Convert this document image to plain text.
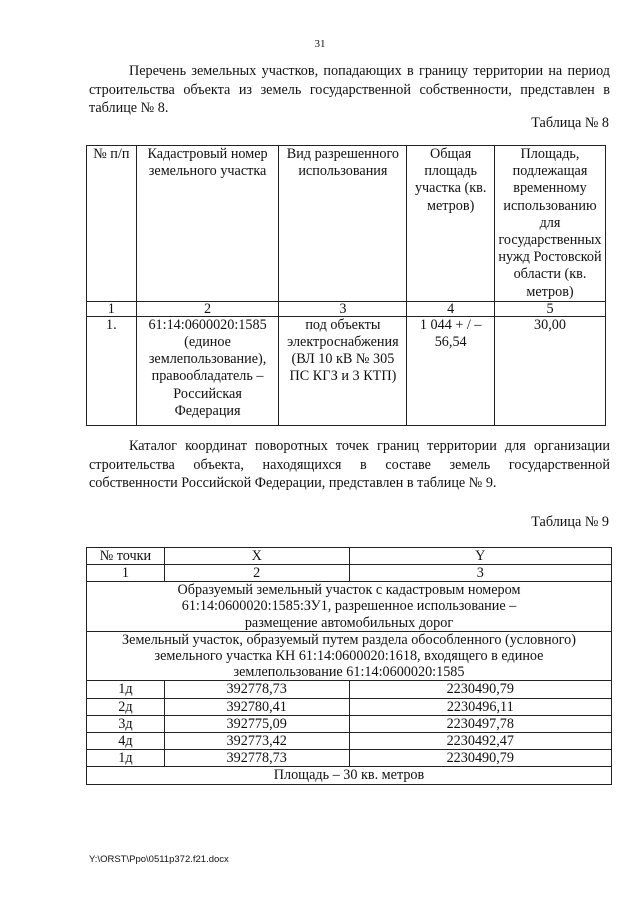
31
Перечень земельных участков, попадающих в границу территории на период строительства объекта из земель государственной собственности, представлен в таблице № 8.
Таблица № 8
№ п/п	Кадастровый номер земельного участка	Вид разрешенного использования	Общая площадь участка (кв. метров)	Площадь, подлежащая временному использованию для государственных нужд Ростовской области (кв. метров)
1	2	3	4	5
1.	61:14:0600020:1585 (единое землепользование), правообладатель – Российская Федерация	под объекты электроснабжения (ВЛ 10 кВ № 305 ПС КГЗ и 3 КТП)	1 044 + / – 56,54	30,00
Каталог координат поворотных точек границ территории для организации строительства объекта, находящихся в составе земель государственной собственности Российской Федерации, представлен в таблице № 9.
Таблица № 9
№ точки	X	Y
1	2	3
Образуемый земельный участок с кадастровым номером 61:14:0600020:1585:ЗУ1, разрешенное использование – размещение автомобильных дорог		
Земельный участок, образуемый путем раздела обособленного (условного) земельного участка КН 61:14:0600020:1618, входящего в единое землепользование 61:14:0600020:1585		
1д	392778,73	2230490,79
2д	392780,41	2230496,11
3д	392775,09	2230497,78
4д	392773,42	2230492,47
1д	392778,73	2230490,79
Площадь – 30 кв. метров		
Y:\ORST\Ppo\0511p372.f21.docx
